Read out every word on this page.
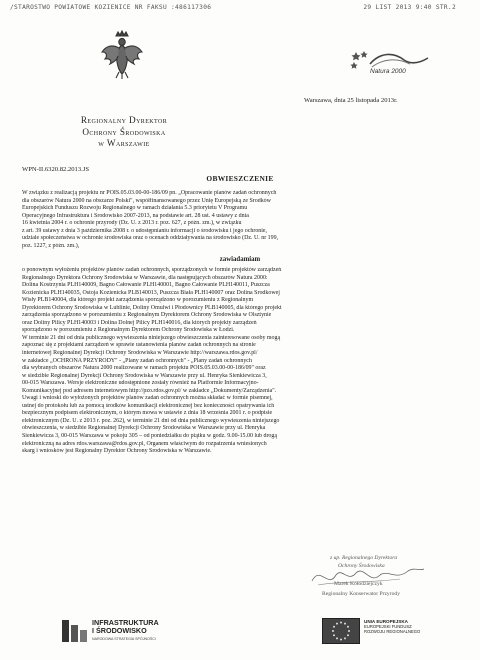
/STAROSTWO POWIATOWE KOZIENICE NR FAKSU :486117306	29 LIST 2013 9:40 STR.2
Natura 2000
Warszawa, dnia 25 listopada 2013r.
Regionalny Dyrektor
Ochrony Środowiska
w Warszawie
WPN-II.6320.82.2013.JS
OBWIESZCZENIE
W związku z realizacją projektu nr POIS.05.03.00-00-186/09 pn. „Opracowanie planów zadań ochronnych
dla obszarów Natura 2000 na obszarze Polski", współfinansowanego przez Unię Europejską ze Środków
Europejskich Funduszu Rozwoju Regionalnego w ramach działania 5.3 priorytetu V Programu
Operacyjnego Infrastruktura i Środowisko 2007-2013, na podstawie art. 28 ust. 4 ustawy z dnia
16 kwietnia 2004 r. o ochronie przyrody (Dz. U. z 2013 r. poz. 627, z późn. zm.), w związku
z art. 39 ustawy z dnia 3 października 2008 r. o udostępnianiu informacji o środowisku i jego ochronie,
udziale społeczeństwa w ochronie środowiska oraz o ocenach oddziaływania na środowisko (Dz. U. nr 199,
poz. 1227, z późn. zm.),
zawiadamiam
o ponownym wyłożeniu projektów planów zadań ochronnych, sporządzonych w formie projektów zarządzeń
Regionalnego Dyrektora Ochrony Środowiska w Warszawie, dla następujących obszarów Natura 2000:
Dolina Kostrzynia PLH140009, Bagno Całowanie PLH140001, Bagno Całowanie PLH140011, Puszcza
Kozienicka PLH140035, Ostoja Kozienicka PLB140013, Puszcza Biała PLH140007 oraz Dolina Środkowej
Wisły PLB140004, dla którego projekt zarządzenia sporządzono w porozumieniu z Regionalnym
Dyrektorem Ochrony Środowiska w Lublinie, Doliny Omulwi i Płodownicy PLB140005, dla którego projekt
zarządzenia sporządzono w porozumieniu z Regionalnym Dyrektorem Ochrony Środowiska w Olsztynie
oraz Doliny Pilicy PLH140003 i Dolina Dolnej Pilicy PLH140016, dla których projekty zarządzeń
sporządzono w porozumieniu z Regionalnym Dyrektorem Ochrony Środowiska w Łodzi.
W terminie 21 dni od dnia publicznego wywieszenia niniejszego obwieszczenia zainteresowane osoby mogą
zapoznać się z projektami zarządzeń w sprawie ustanowienia planów zadań ochronnych na stronie
internetowej Regionalnej Dyrekcji Ochrony Środowiska w Warszawie http://warszawa.rdos.gov.pl/
w zakładce „OCHRONA PRZYRODY" - „Plany zadań ochronnych" - „Plany zadań ochronnych
dla wybranych obszarów Natura 2000 realizowane w ramach projektu POIS.05.03.00-00-186/09" oraz
w siedzibie Regionalnej Dyrekcji Ochrony Środowiska w Warszawie przy ul. Henryka Sienkiewicza 3,
00-015 Warszawa. Wersje elektroniczne udostępnione zostały również na Platformie Informacyjno-
Komunikacyjnej pod adresem internetowym http://pzo.rdos.gov.pl/ w zakładce „Dokumenty/Zarządzenia".
Uwagi i wnioski do wyłożonych projektów planów zadań ochronnych można składać w formie pisemnej,
ustnej do protokołu lub za pomocą środków komunikacji elektronicznej bez konieczności opatrywania ich
bezpiecznym podpisem elektronicznym, o którym mowa w ustawie z dnia 18 września 2001 r. o podpisie
elektronicznym (Dz. U. z 2013 r. poz. 262), w terminie 21 dni od dnia publicznego wywieszenia niniejszego
obwieszczenia, w siedzibie Regionalnej Dyrekcji Ochrony Środowiska w Warszawie przy ul. Henryka
Sienkiewicza 3, 00-015 Warszawa w pokoju 305 – od poniedziałku do piątku w godz. 9.00-15.00 lub drogą
elektroniczną na adres rdos.warszawa@rdos.gov.pl, Organem właściwym do rozpatrzenia wniesionych
skarg i wniosków jest Regionalny Dyrektor Ochrony Środowiska w Warszawie.
z up. Regionalnego Dyrektora
Ochrony Środowiska
Marek Kołodziejczyk
Regionalny Konserwator Przyrody
INFRASTRUKTURA
I ŚRODOWISKO
NARODOWA STRATEGIA SPÓJNOŚCI
UNIA EUROPEJSKA
EUROPEJSKI FUNDUSZ
ROZWOJU REGIONALNEGO
